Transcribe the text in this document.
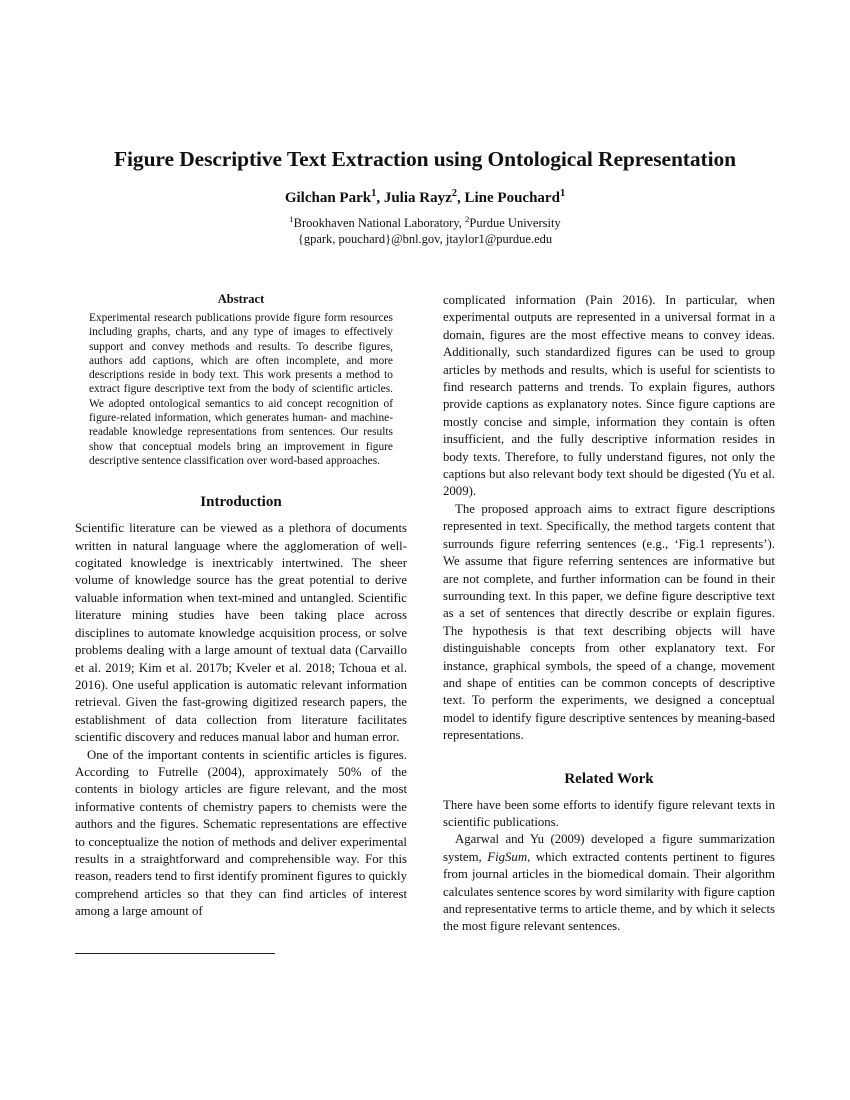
Figure Descriptive Text Extraction using Ontological Representation
Gilchan Park$^1$, Julia Rayz$^2$, Line Pouchard$^1$
$^1$Brookhaven National Laboratory, $^2$Purdue University
{gpark, pouchard}@bnl.gov, jtaylor1@purdue.edu

Abstract

Experimental research publications provide figure form resources including graphs, charts, and any type of images to effectively support and convey methods and results. To describe figures, authors add captions, which are often incomplete, and more descriptions reside in body text. This work presents a method to extract figure descriptive text from the body of scientific articles. We adopted ontological semantics to aid concept recognition of figure-related information, which generates human- and machine-readable knowledge representations from sentences. Our results show that conceptual models bring an improvement in figure descriptive sentence classification over word-based approaches.

Introduction

Scientific literature can be viewed as a plethora of documents written in natural language where the agglomeration of well-cogitated knowledge is inextricably intertwined. The sheer volume of knowledge source has the great potential to derive valuable information when text-mined and untangled. Scientific literature mining studies have been taking place across disciplines to automate knowledge acquisition process, or solve problems dealing with a large amount of textual data (Carvaillo et al. 2019; Kim et al. 2017b; Kveler et al. 2018; Tchoua et al. 2016). One useful application is automatic relevant information retrieval. Given the fast-growing digitized research papers, the establishment of data collection from literature facilitates scientific discovery and reduces manual labor and human error.

One of the important contents in scientific articles is figures. According to Futrelle (2004), approximately 50% of the contents in biology articles are figure relevant, and the most informative contents of chemistry papers to chemists were the authors and the figures. Schematic representations are effective to conceptualize the notion of methods and deliver experimental results in a straightforward and comprehensible way. For this reason, readers tend to first identify prominent figures to quickly comprehend articles so that they can find articles of interest among a large amount of

complicated information (Pain 2016). In particular, when experimental outputs are represented in a universal format in a domain, figures are the most effective means to convey ideas. Additionally, such standardized figures can be used to group articles by methods and results, which is useful for scientists to find research patterns and trends. To explain figures, authors provide captions as explanatory notes. Since figure captions are mostly concise and simple, information they contain is often insufficient, and the fully descriptive information resides in body texts. Therefore, to fully understand figures, not only the captions but also relevant body text should be digested (Yu et al. 2009).

The proposed approach aims to extract figure descriptions represented in text. Specifically, the method targets content that surrounds figure referring sentences (e.g., ‘Fig.1 represents’). We assume that figure referring sentences are informative but are not complete, and further information can be found in their surrounding text. In this paper, we define figure descriptive text as a set of sentences that directly describe or explain figures. The hypothesis is that text describing objects will have distinguishable concepts from other explanatory text. For instance, graphical symbols, the speed of a change, movement and shape of entities can be common concepts of descriptive text. To perform the experiments, we designed a conceptual model to identify figure descriptive sentences by meaning-based representations.

Related Work

There have been some efforts to identify figure relevant texts in scientific publications.

Agarwal and Yu (2009) developed a figure summarization system, FigSum, which extracted contents pertinent to figures from journal articles in the biomedical domain. Their algorithm calculates sentence scores by word similarity with figure caption and representative terms to article theme, and by which it selects the most figure relevant sentences.
